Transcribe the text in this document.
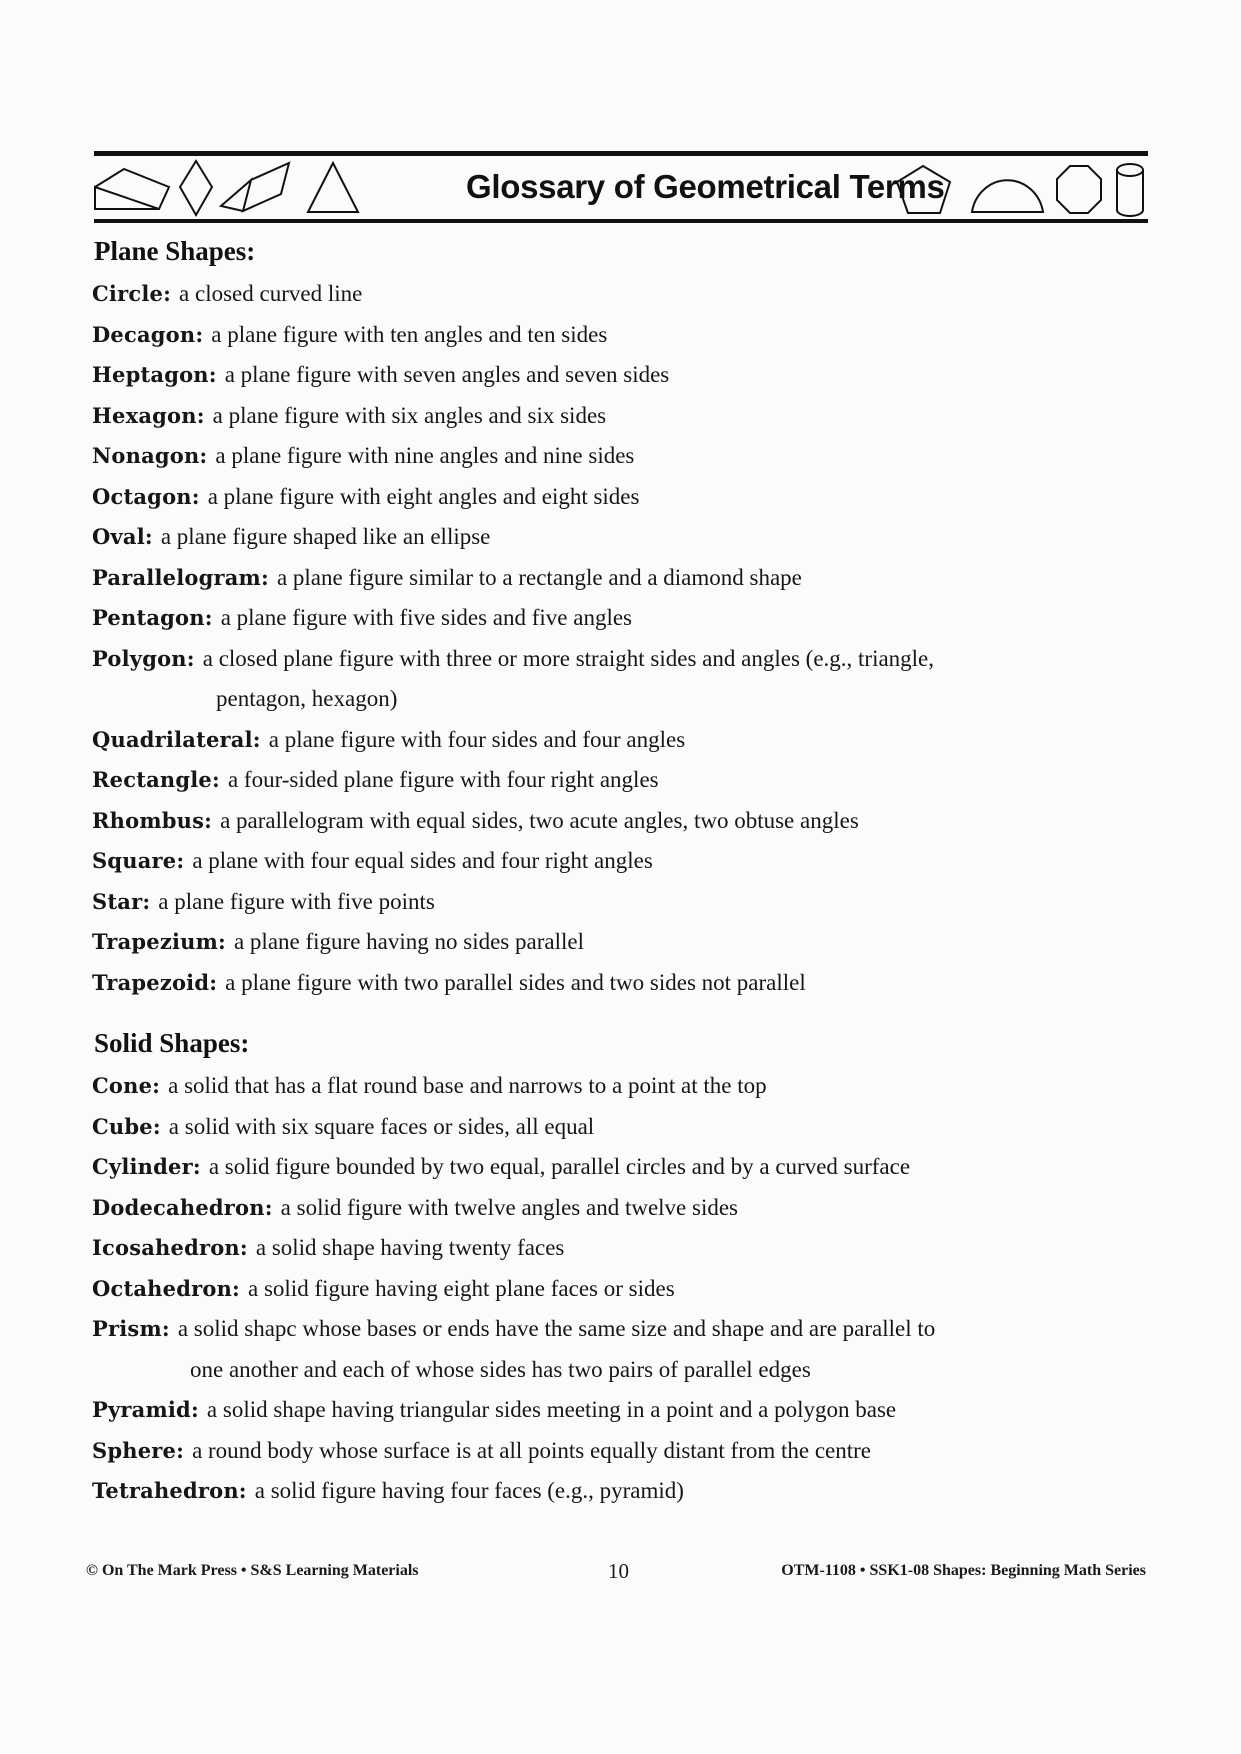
Glossary of Geometrical Terms
Plane Shapes:
Circle: a closed curved line
Decagon: a plane figure with ten angles and ten sides
Heptagon: a plane figure with seven angles and seven sides
Hexagon: a plane figure with six angles and six sides
Nonagon: a plane figure with nine angles and nine sides
Octagon: a plane figure with eight angles and eight sides
Oval: a plane figure shaped like an ellipse
Parallelogram: a plane figure similar to a rectangle and a diamond shape
Pentagon: a plane figure with five sides and five angles
Polygon: a closed plane figure with three or more straight sides and angles (e.g., triangle,
pentagon, hexagon)
Quadrilateral: a plane figure with four sides and four angles
Rectangle: a four-sided plane figure with four right angles
Rhombus: a parallelogram with equal sides, two acute angles, two obtuse angles
Square: a plane with four equal sides and four right angles
Star: a plane figure with five points
Trapezium: a plane figure having no sides parallel
Trapezoid: a plane figure with two parallel sides and two sides not parallel
Solid Shapes:
Cone: a solid that has a flat round base and narrows to a point at the top
Cube: a solid with six square faces or sides, all equal
Cylinder: a solid figure bounded by two equal, parallel circles and by a curved surface
Dodecahedron: a solid figure with twelve angles and twelve sides
Icosahedron: a solid shape having twenty faces
Octahedron: a solid figure having eight plane faces or sides
Prism: a solid shapc whose bases or ends have the same size and shape and are parallel to
one another and each of whose sides has two pairs of parallel edges
Pyramid: a solid shape having triangular sides meeting in a point and a polygon base
Sphere: a round body whose surface is at all points equally distant from the centre
Tetrahedron: a solid figure having four faces (e.g., pyramid)
© On The Mark Press • S&S Learning Materials	10	OTM-1108 • SSK1-08 Shapes: Beginning Math Series
